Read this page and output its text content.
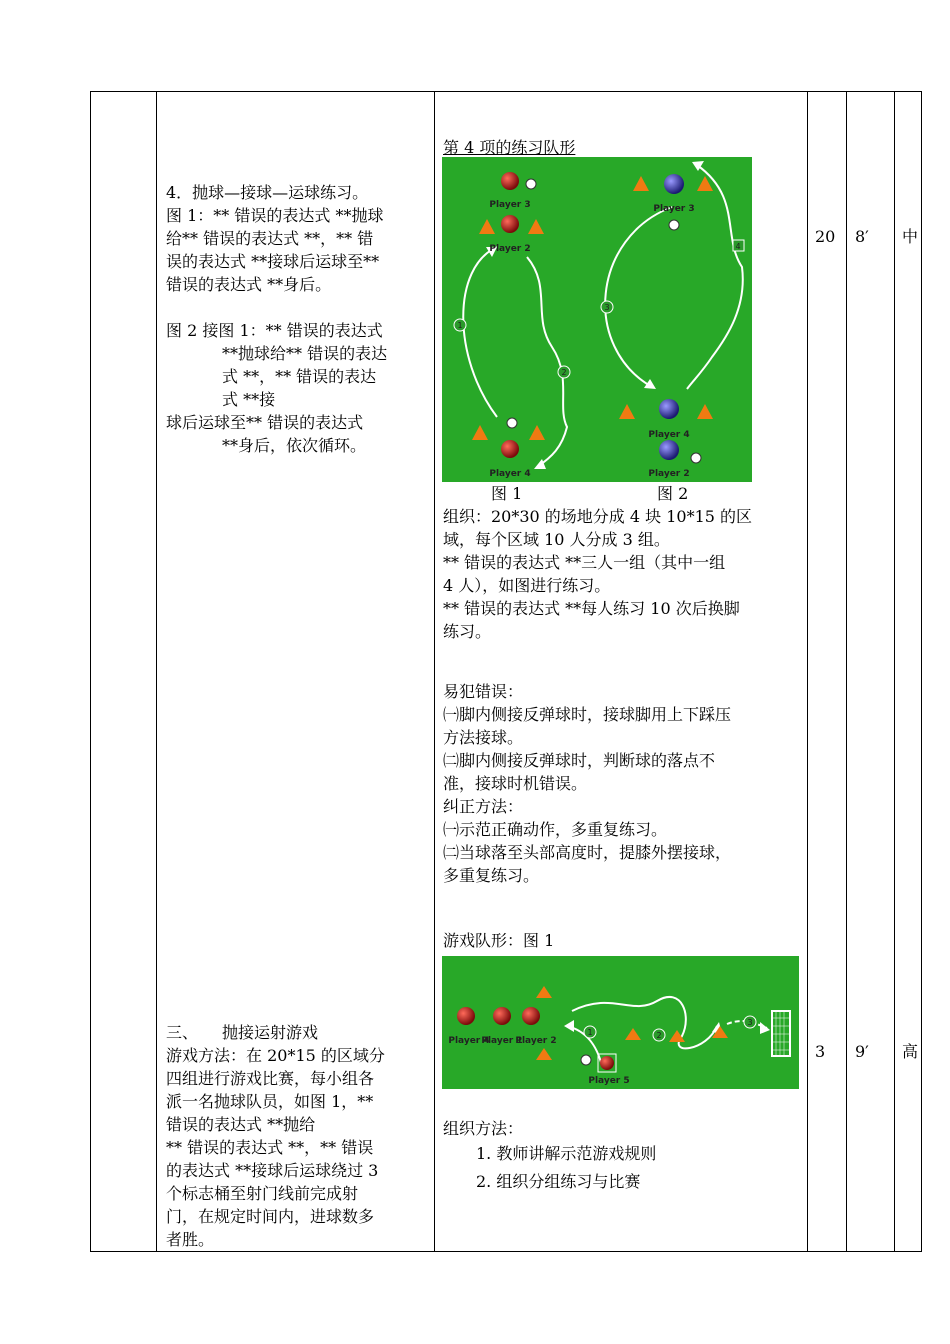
4．抛球—接球—运球练习。

图 1：** 错误的表达式 **抛球

给** 错误的表达式 **，** 错

误的表达式 **接球后运球至**

错误的表达式 **身后。

图 2 接图 1：** 错误的表达式

**抛球给** 错误的表达

式 **，** 错误的表达

式 **接

球后运球至** 错误的表达式

**身后，依次循环。

三、　　抛接运射游戏

游戏方法：在 20*15 的区域分

四组进行游戏比赛，每小组各

派一名抛球队员，如图 1，**

错误的表达式 **抛给

** 错误的表达式 **，** 错误

的表达式 **接球后运球绕过 3

个标志桶至射门线前完成射

门，在规定时间内，进球数多

者胜。

第 4 项的练习队形
1
2
3
4
Player 3
Player 2
Player 4
Player 3
Player 4
Player 2
图 1	图 2

组织：20*30 的场地分成 4 块 10*15 的区

域，每个区域 10 人分成 3 组。

** 错误的表达式 **三人一组（其中一组

4 人），如图进行练习。

** 错误的表达式 **每人练习 10 次后换脚

练习。

易犯错误：

㈠脚内侧接反弹球时，接球脚用上下踩压

方法接球。

㈡脚内侧接反弹球时，判断球的落点不

准，接球时机错误。

纠正方法：

㈠示范正确动作，多重复练习。

㈡当球落至头部高度时，提膝外摆接球，

多重复练习。

游戏队形：图 1
1	2
3
Player 4
Player 1
Player 2
Player 5

组织方法：

1. 教师讲解示范游戏规则

2. 组织分组练习与比赛

20 8′ 中
3 9′ 高
